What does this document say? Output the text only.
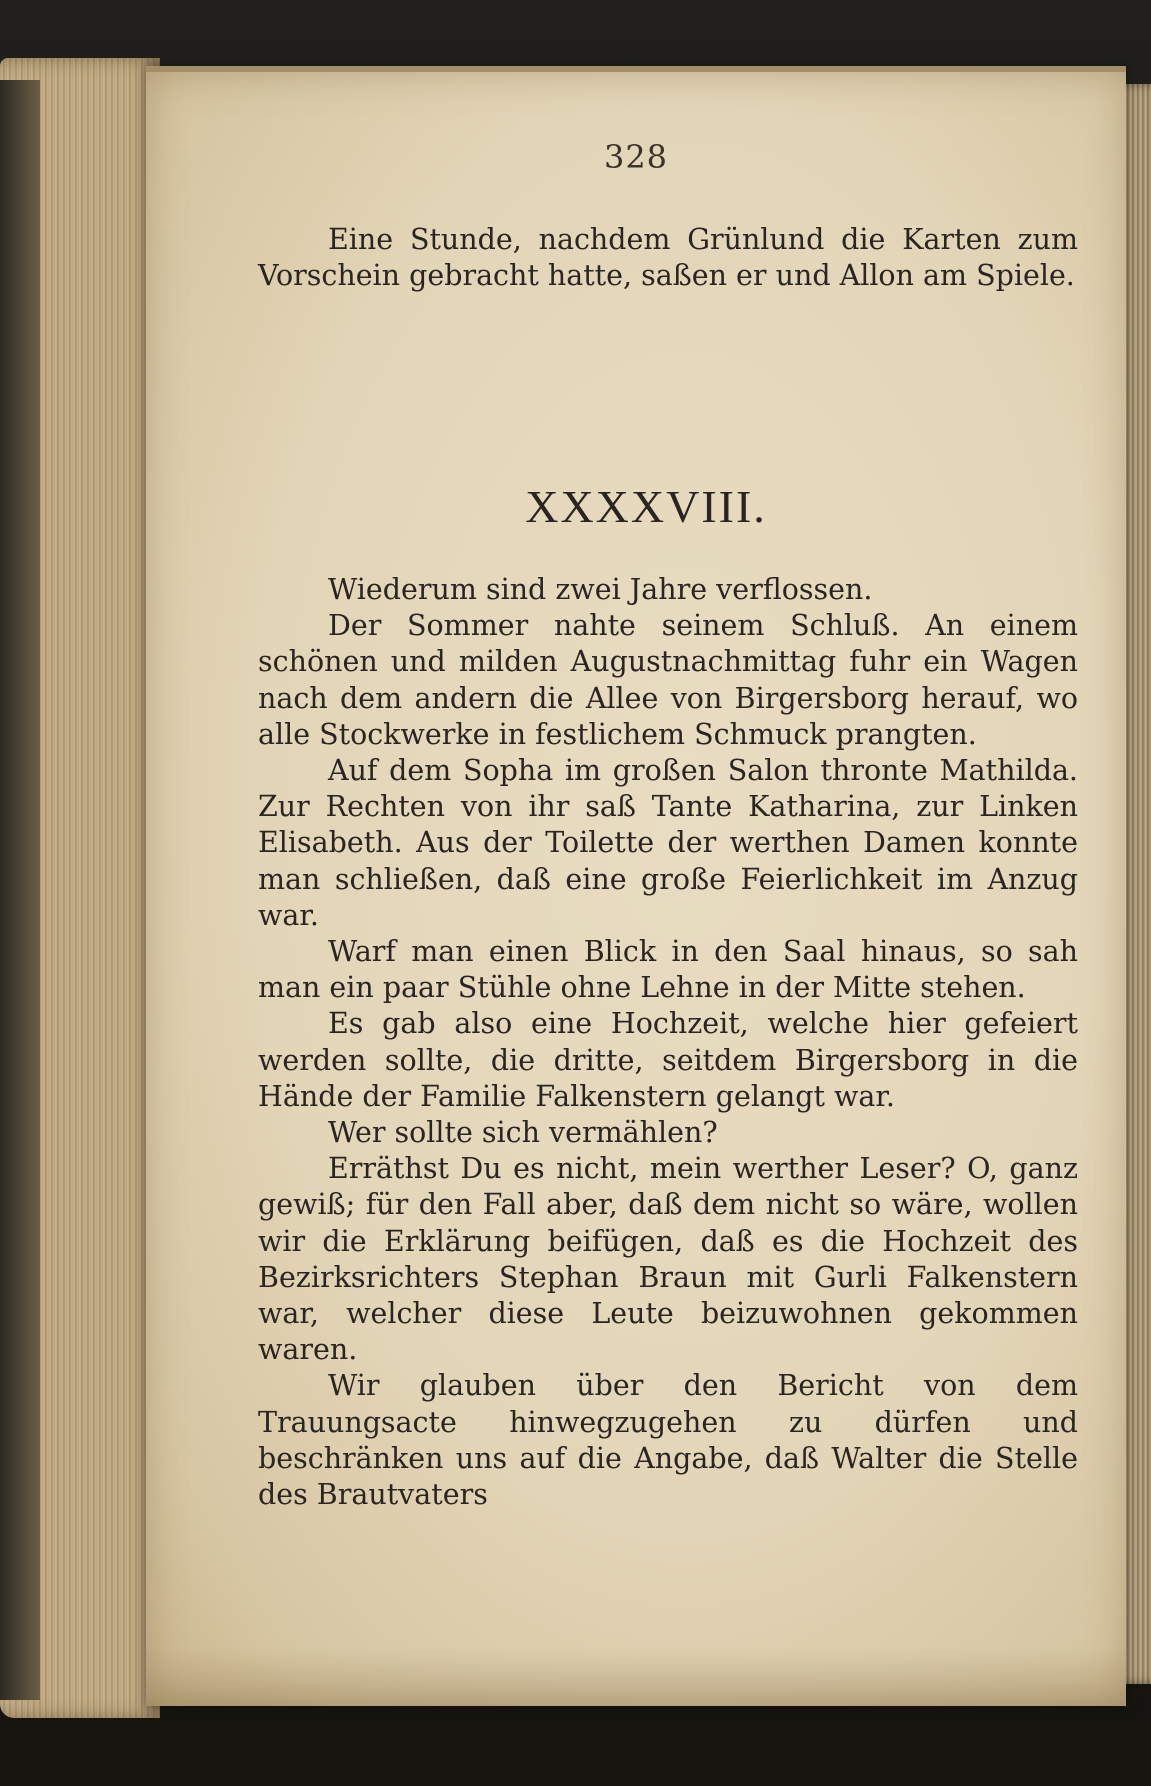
328

Eine Stunde, nachdem Grünlund die Karten zum Vorschein gebracht hatte, saßen er und Allon am Spiele.

XXXXVIII.

Wiederum sind zwei Jahre verflossen.

Der Sommer nahte seinem Schluß. An einem schönen und milden Augustnachmittag fuhr ein Wagen nach dem andern die Allee von Birgersborg herauf, wo alle Stockwerke in festlichem Schmuck prangten.

Auf dem Sopha im großen Salon thronte Mathilda. Zur Rechten von ihr saß Tante Katharina, zur Linken Elisabeth. Aus der Toilette der werthen Damen konnte man schließen, daß eine große Feierlichkeit im Anzug war.

Warf man einen Blick in den Saal hinaus, so sah man ein paar Stühle ohne Lehne in der Mitte stehen.

Es gab also eine Hochzeit, welche hier gefeiert werden sollte, die dritte, seitdem Birgersborg in die Hände der Familie Falkenstern gelangt war.

Wer sollte sich vermählen?

Erräthst Du es nicht, mein werther Leser? O, ganz gewiß; für den Fall aber, daß dem nicht so wäre, wollen wir die Erklärung beifügen, daß es die Hochzeit des Bezirksrichters Stephan Braun mit Gurli Falkenstern war, welcher diese Leute beizuwohnen gekommen waren.

Wir glauben über den Bericht von dem Trauungsacte hinwegzugehen zu dürfen und beschränken uns auf die Angabe, daß Walter die Stelle des Brautvaters
